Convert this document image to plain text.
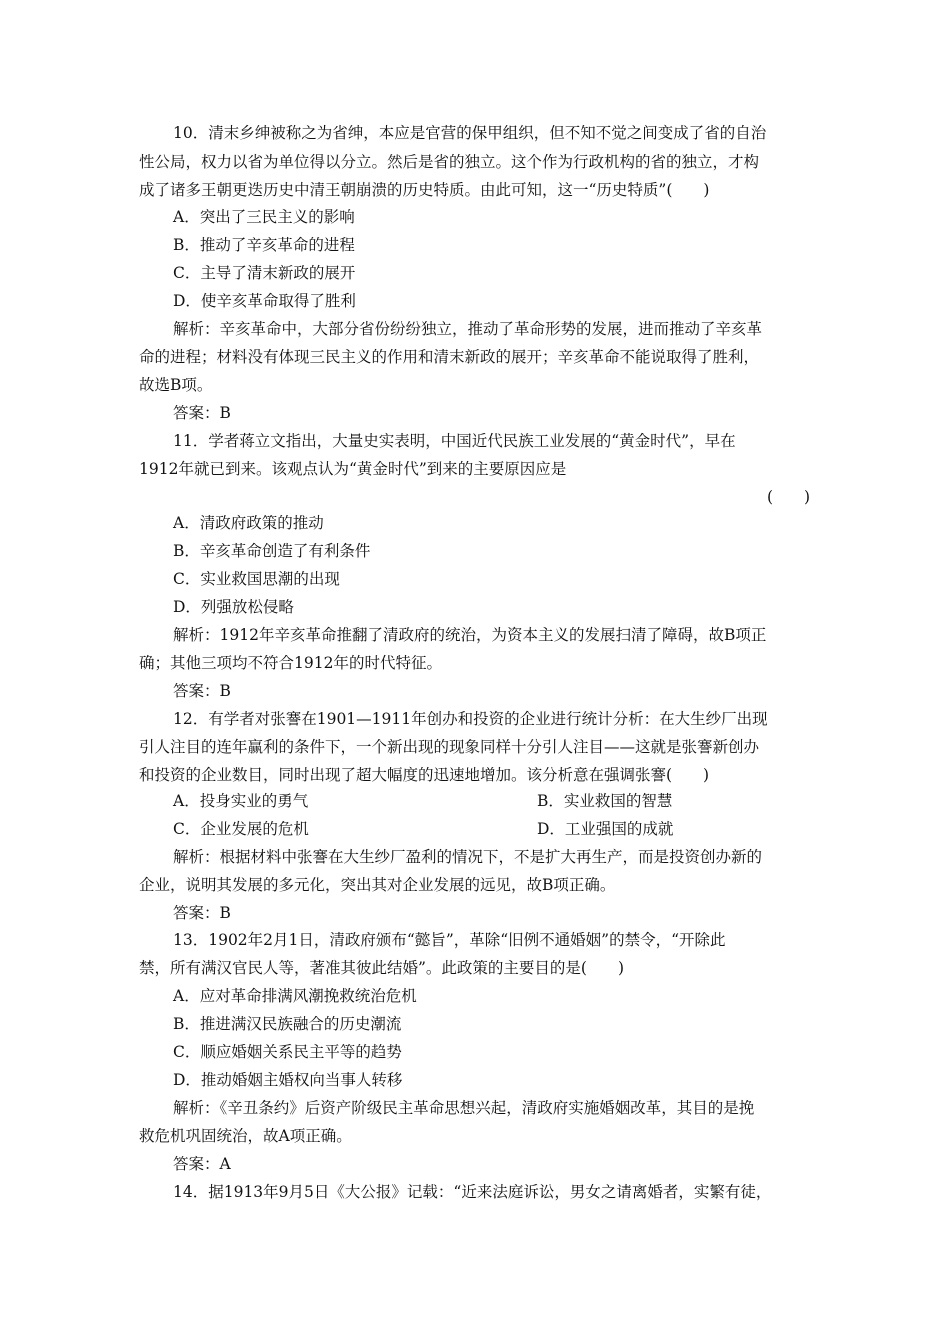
10．清末乡绅被称之为省绅，本应是官营的保甲组织，但不知不觉之间变成了省的自治
性公局，权力以省为单位得以分立。然后是省的独立。这个作为行政机构的省的独立，才构
成了诸多王朝更迭历史中清王朝崩溃的历史特质。由此可知，这一“历史特质”(　　)
A．突出了三民主义的影响
B．推动了辛亥革命的进程
C．主导了清末新政的展开
D．使辛亥革命取得了胜利
解析：辛亥革命中，大部分省份纷纷独立，推动了革命形势的发展，进而推动了辛亥革
命的进程；材料没有体现三民主义的作用和清末新政的展开；辛亥革命不能说取得了胜利，
故选B项。
答案：B
11．学者蒋立文指出，大量史实表明，中国近代民族工业发展的“黄金时代”，早在
1912年就已到来。该观点认为“黄金时代”到来的主要原因应是
(　　)
A．清政府政策的推动
B．辛亥革命创造了有利条件
C．实业救国思潮的出现
D．列强放松侵略
解析：1912年辛亥革命推翻了清政府的统治，为资本主义的发展扫清了障碍，故B项正
确；其他三项均不符合1912年的时代特征。
答案：B
12．有学者对张謇在1901—1911年创办和投资的企业进行统计分析：在大生纱厂出现
引人注目的连年赢利的条件下，一个新出现的现象同样十分引人注目——这就是张謇新创办
和投资的企业数目，同时出现了超大幅度的迅速地增加。该分析意在强调张謇(　　)
A．投身实业的勇气	B．实业救国的智慧
C．企业发展的危机	D．工业强国的成就
解析：根据材料中张謇在大生纱厂盈利的情况下，不是扩大再生产，而是投资创办新的
企业，说明其发展的多元化，突出其对企业发展的远见，故B项正确。
答案：B
13．1902年2月1日，清政府颁布“懿旨”，革除“旧例不通婚姻”的禁令，“开除此
禁，所有满汉官民人等，著准其彼此结婚”。此政策的主要目的是(　　)
A．应对革命排满风潮挽救统治危机
B．推进满汉民族融合的历史潮流
C．顺应婚姻关系民主平等的趋势
D．推动婚姻主婚权向当事人转移
解析：《辛丑条约》后资产阶级民主革命思想兴起，清政府实施婚姻改革，其目的是挽
救危机巩固统治，故A项正确。
答案：A
14．据1913年9月5日《大公报》记载：“近来法庭诉讼，男女之请离婚者，实繁有徒，
